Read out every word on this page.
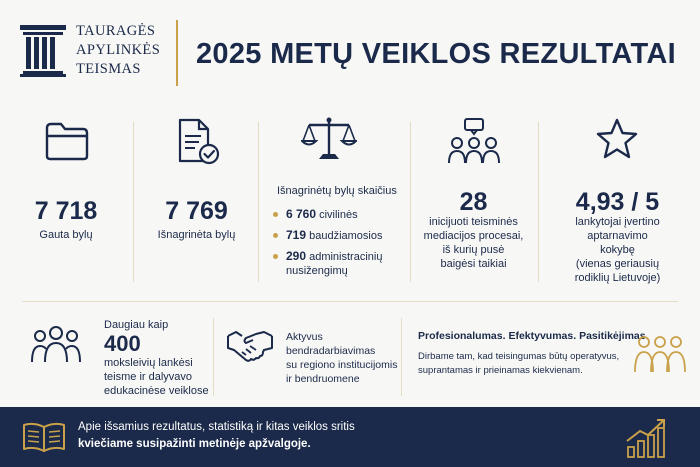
TAURAGĖS
APYLINKĖS
TEISMAS	2025 METŲ VEIKLOS REZULTATAI
7 718
Gauta bylų
7 769
Išnagrinėta bylų
Išnagrinėtų bylų skaičius
6 760 civilinės
719 baudžiamosios
290 administracinių nusižengimų
28
inicijuoti teisminės
mediacijos procesai,
iš kurių pusė
baigėsi taikiai
4,93 / 5
lankytojai įvertino
aptarnavimo
kokybę
(vienas geriausių
rodiklių Lietuvoje)
Daugiau kaip
400
moksleivių lankėsi
teisme ir dalyvavo
edukacinėse veiklose
Aktyvus bendradarbiavimas
su regiono institucijomis
ir bendruomene
Profesionalumas. Efektyvumas. Pasitikėjimas.
Dirbame tam, kad teisingumas būtų operatyvus,
suprantamas ir prieinamas kiekvienam.
Apie išsamius rezultatus, statistiką ir kitas veiklos sritis
kviečiame susipažinti metinėje apžvalgoje.
